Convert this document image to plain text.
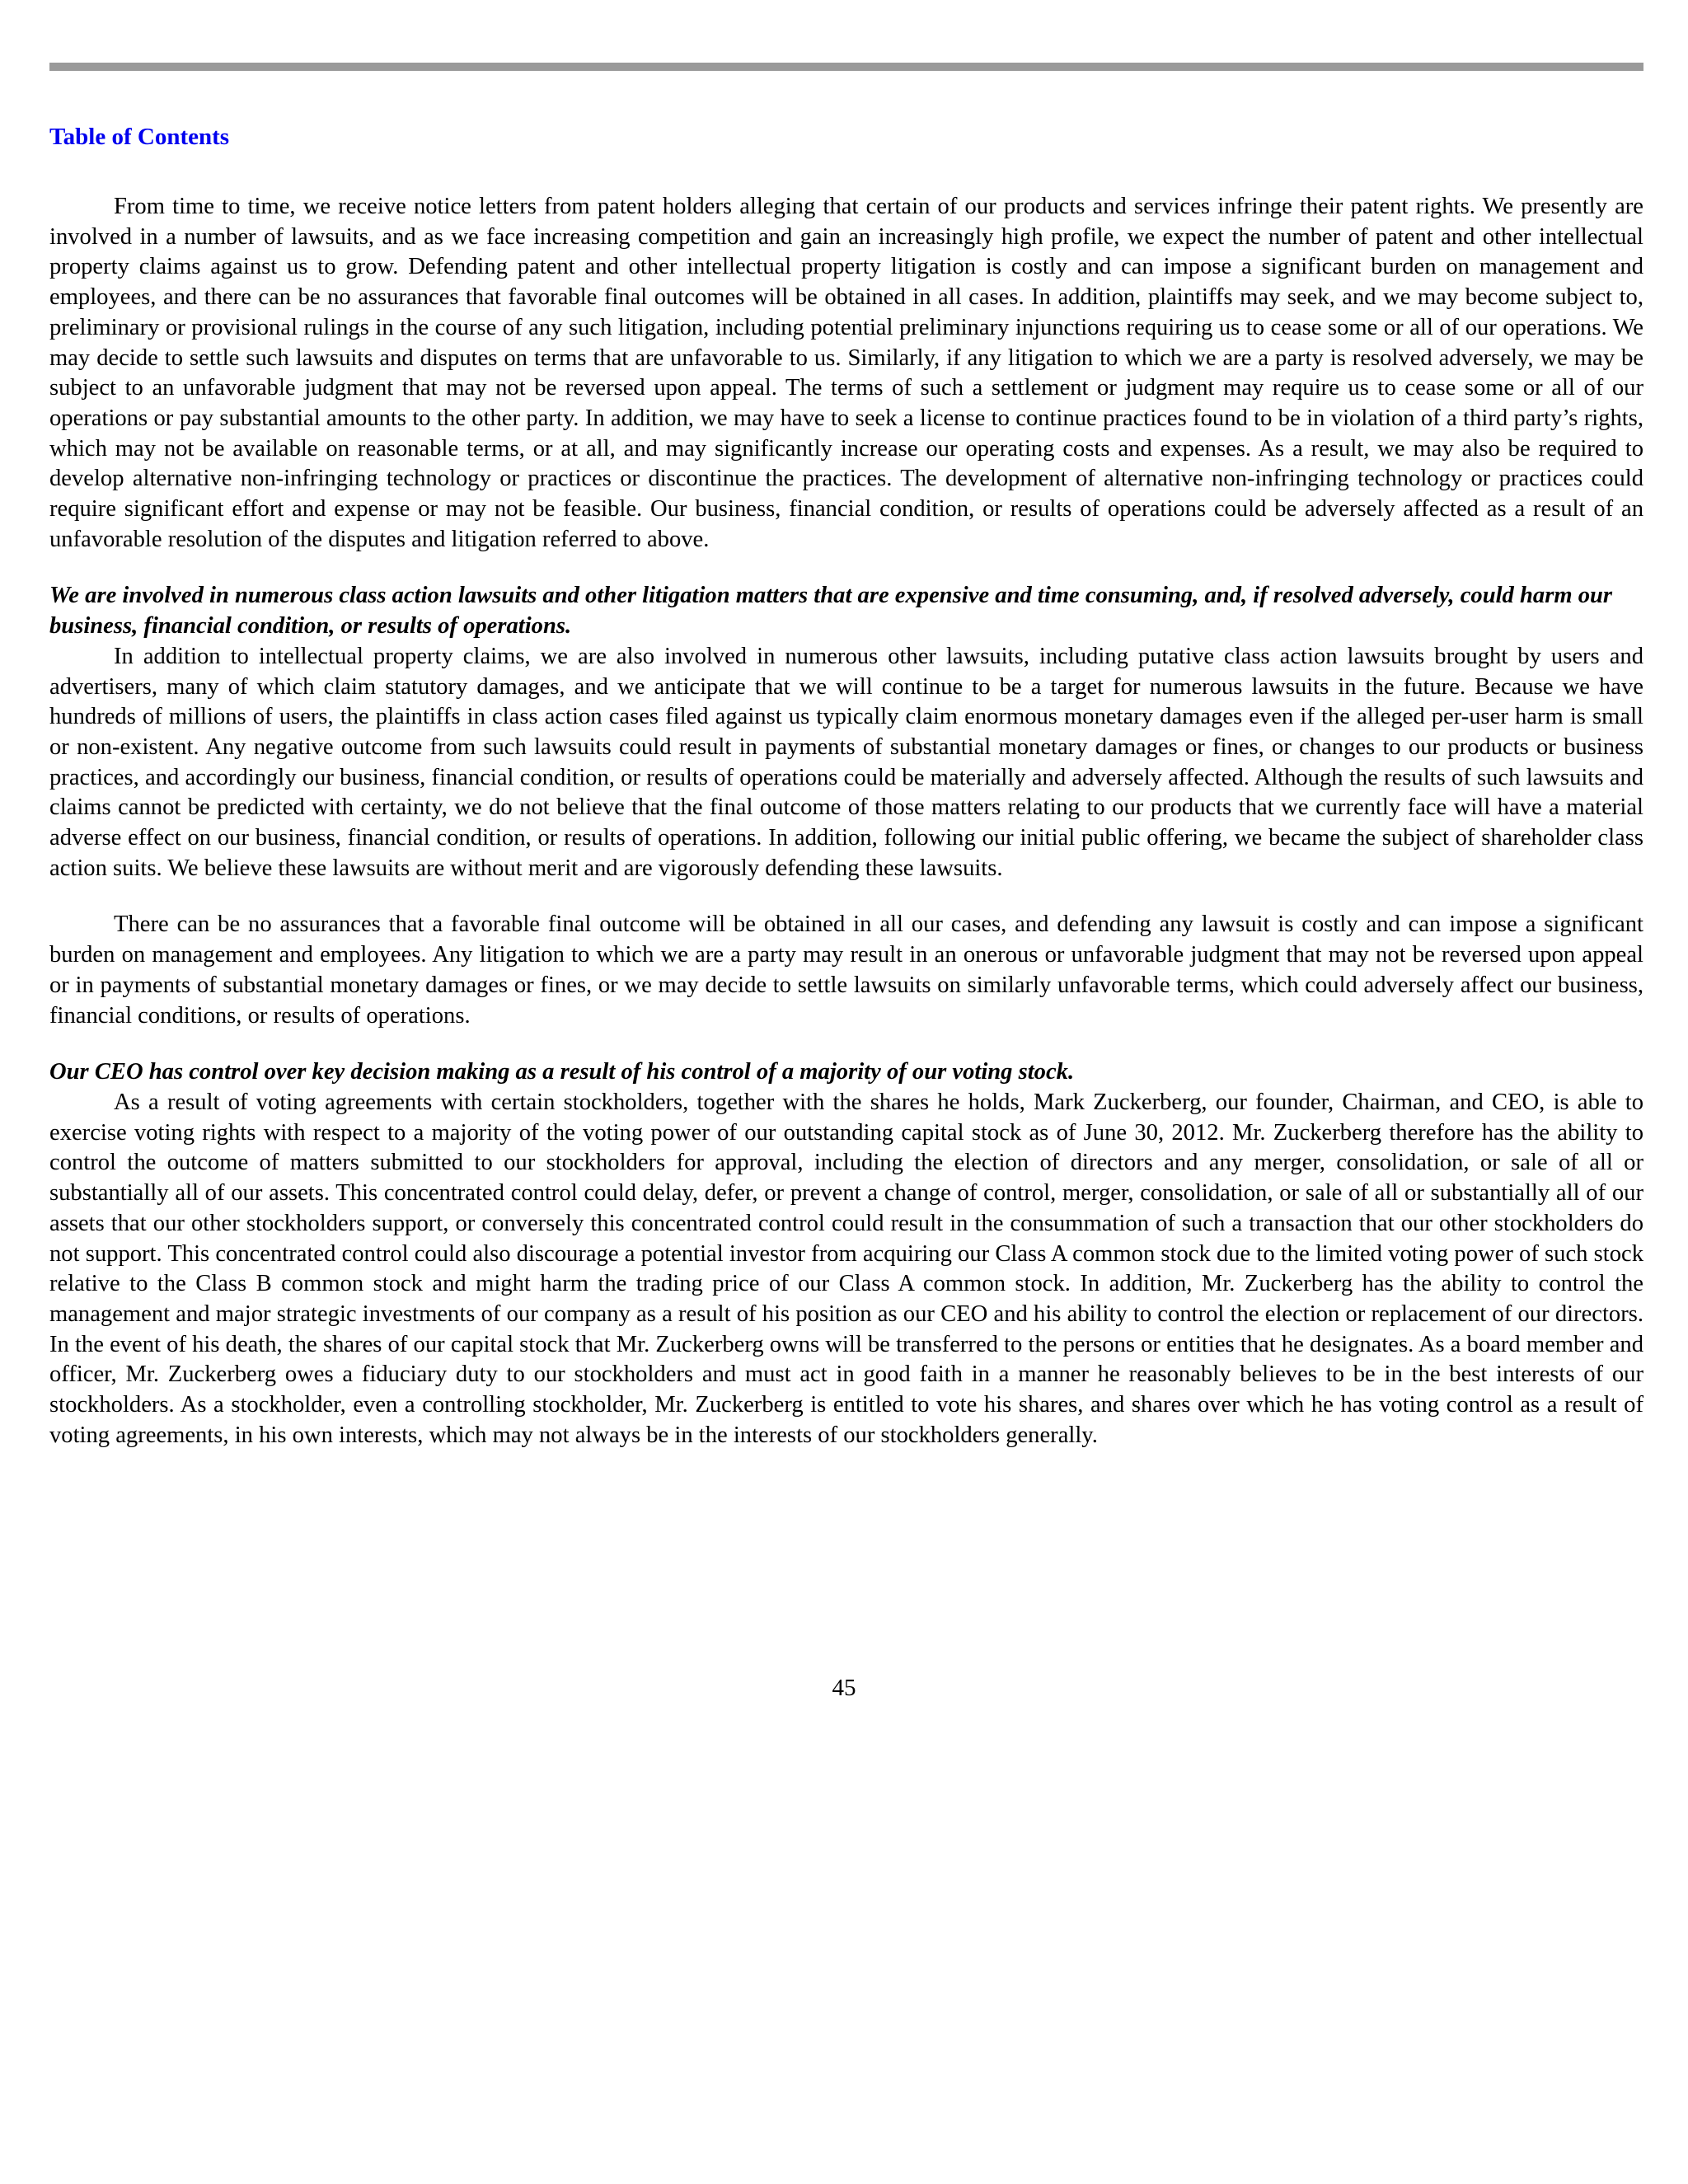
Table of Contents

From time to time, we receive notice letters from patent holders alleging that certain of our products and services infringe their patent rights. We presently are involved in a number of lawsuits, and as we face increasing competition and gain an increasingly high profile, we expect the number of patent and other intellectual property claims against us to grow. Defending patent and other intellectual property litigation is costly and can impose a significant burden on management and employees, and there can be no assurances that favorable final outcomes will be obtained in all cases. In addition, plaintiffs may seek, and we may become subject to, preliminary or provisional rulings in the course of any such litigation, including potential preliminary injunctions requiring us to cease some or all of our operations. We may decide to settle such lawsuits and disputes on terms that are unfavorable to us. Similarly, if any litigation to which we are a party is resolved adversely, we may be subject to an unfavorable judgment that may not be reversed upon appeal. The terms of such a settlement or judgment may require us to cease some or all of our operations or pay substantial amounts to the other party. In addition, we may have to seek a license to continue practices found to be in violation of a third party’s rights, which may not be available on reasonable terms, or at all, and may significantly increase our operating costs and expenses. As a result, we may also be required to develop alternative non-infringing technology or practices or discontinue the practices. The development of alternative non-infringing technology or practices could require significant effort and expense or may not be feasible. Our business, financial condition, or results of operations could be adversely affected as a result of an unfavorable resolution of the disputes and litigation referred to above.

We are involved in numerous class action lawsuits and other litigation matters that are expensive and time consuming, and, if resolved adversely, could harm our business, financial condition, or results of operations.

In addition to intellectual property claims, we are also involved in numerous other lawsuits, including putative class action lawsuits brought by users and advertisers, many of which claim statutory damages, and we anticipate that we will continue to be a target for numerous lawsuits in the future. Because we have hundreds of millions of users, the plaintiffs in class action cases filed against us typically claim enormous monetary damages even if the alleged per-user harm is small or non-existent. Any negative outcome from such lawsuits could result in payments of substantial monetary damages or fines, or changes to our products or business practices, and accordingly our business, financial condition, or results of operations could be materially and adversely affected. Although the results of such lawsuits and claims cannot be predicted with certainty, we do not believe that the final outcome of those matters relating to our products that we currently face will have a material adverse effect on our business, financial condition, or results of operations. In addition, following our initial public offering, we became the subject of shareholder class action suits. We believe these lawsuits are without merit and are vigorously defending these lawsuits.

There can be no assurances that a favorable final outcome will be obtained in all our cases, and defending any lawsuit is costly and can impose a significant burden on management and employees. Any litigation to which we are a party may result in an onerous or unfavorable judgment that may not be reversed upon appeal or in payments of substantial monetary damages or fines, or we may decide to settle lawsuits on similarly unfavorable terms, which could adversely affect our business, financial conditions, or results of operations.

Our CEO has control over key decision making as a result of his control of a majority of our voting stock.

As a result of voting agreements with certain stockholders, together with the shares he holds, Mark Zuckerberg, our founder, Chairman, and CEO, is able to exercise voting rights with respect to a majority of the voting power of our outstanding capital stock as of June 30, 2012. Mr. Zuckerberg therefore has the ability to control the outcome of matters submitted to our stockholders for approval, including the election of directors and any merger, consolidation, or sale of all or substantially all of our assets. This concentrated control could delay, defer, or prevent a change of control, merger, consolidation, or sale of all or substantially all of our assets that our other stockholders support, or conversely this concentrated control could result in the consummation of such a transaction that our other stockholders do not support. This concentrated control could also discourage a potential investor from acquiring our Class A common stock due to the limited voting power of such stock relative to the Class B common stock and might harm the trading price of our Class A common stock. In addition, Mr. Zuckerberg has the ability to control the management and major strategic investments of our company as a result of his position as our CEO and his ability to control the election or replacement of our directors. In the event of his death, the shares of our capital stock that Mr. Zuckerberg owns will be transferred to the persons or entities that he designates. As a board member and officer, Mr. Zuckerberg owes a fiduciary duty to our stockholders and must act in good faith in a manner he reasonably believes to be in the best interests of our stockholders. As a stockholder, even a controlling stockholder, Mr. Zuckerberg is entitled to vote his shares, and shares over which he has voting control as a result of voting agreements, in his own interests, which may not always be in the interests of our stockholders generally.

45
